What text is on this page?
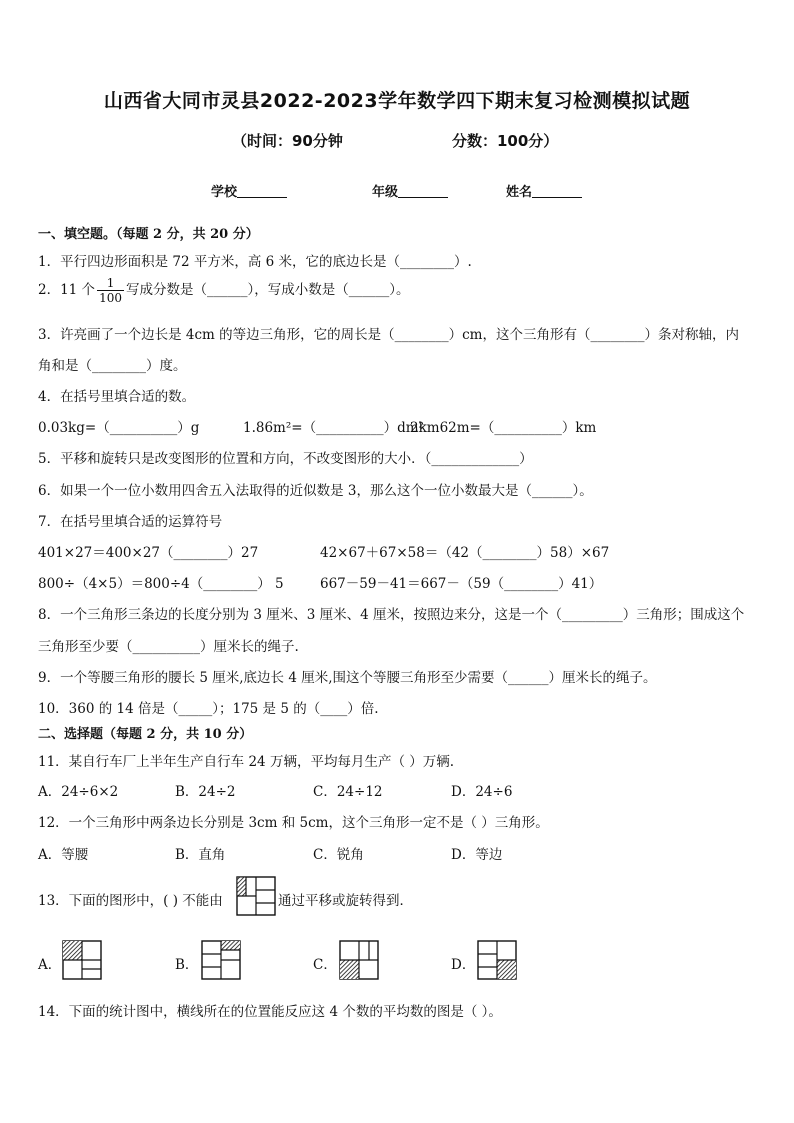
山西省大同市灵县2022-2023学年数学四下期末复习检测模拟试题
（时间：90分钟	分数：100分）
学校	年级	姓名
一、填空题。（每题 2 分，共 20 分）
1．平行四边形面积是 72 平方米，高 6 米，它的底边长是（________）.
2．11 个 $\frac{1}{100}$ 写成分数是（______），写成小数是（______）。
3．许亮画了一个边长是 4cm 的等边三角形，它的周长是（________）cm，这个三角形有（________）条对称轴，内
角和是（________）度。
4．在括号里填合适的数。
0.03kg=（__________）g	1.86m²=（__________）dm²
2km62m=（__________）km
5．平移和旋转只是改变图形的位置和方向，不改变图形的大小．（_____________）
6．如果一个一位小数用四舍五入法取得的近似数是 3，那么这个一位小数最大是（______）。
7．在括号里填合适的运算符号
401×27＝400×27（________）27	42×67＋67×58＝（42（________）58）×67
800÷（4×5）＝800÷4（________） 5	667－59－41＝667－（59（________）41）
8．一个三角形三条边的长度分别为 3 厘米、3 厘米、4 厘米，按照边来分，这是一个（_________）三角形；围成这个
三角形至少要（__________）厘米长的绳子.
9．一个等腰三角形的腰长 5 厘米,底边长 4 厘米,围这个等腰三角形至少需要（______）厘米长的绳子。
10．360 的 14 倍是（_____）；175 是 5 的（____）倍.
二、选择题（每题 2 分，共 10 分）
11．某自行车厂上半年生产自行车 24 万辆，平均每月生产（ ）万辆.
A．24÷6×2	B．24÷2	C．24÷12	D．24÷6
12．一个三角形中两条边长分别是 3cm 和 5cm，这个三角形一定不是（ ）三角形。
A．等腰	B．直角	C．锐角	D．等边
13．下面的图形中，( ) 不能由	通过平移或旋转得到．
A．	B．	C．	D．
14．下面的统计图中，横线所在的位置能反应这 4 个数的平均数的图是（ ）。
